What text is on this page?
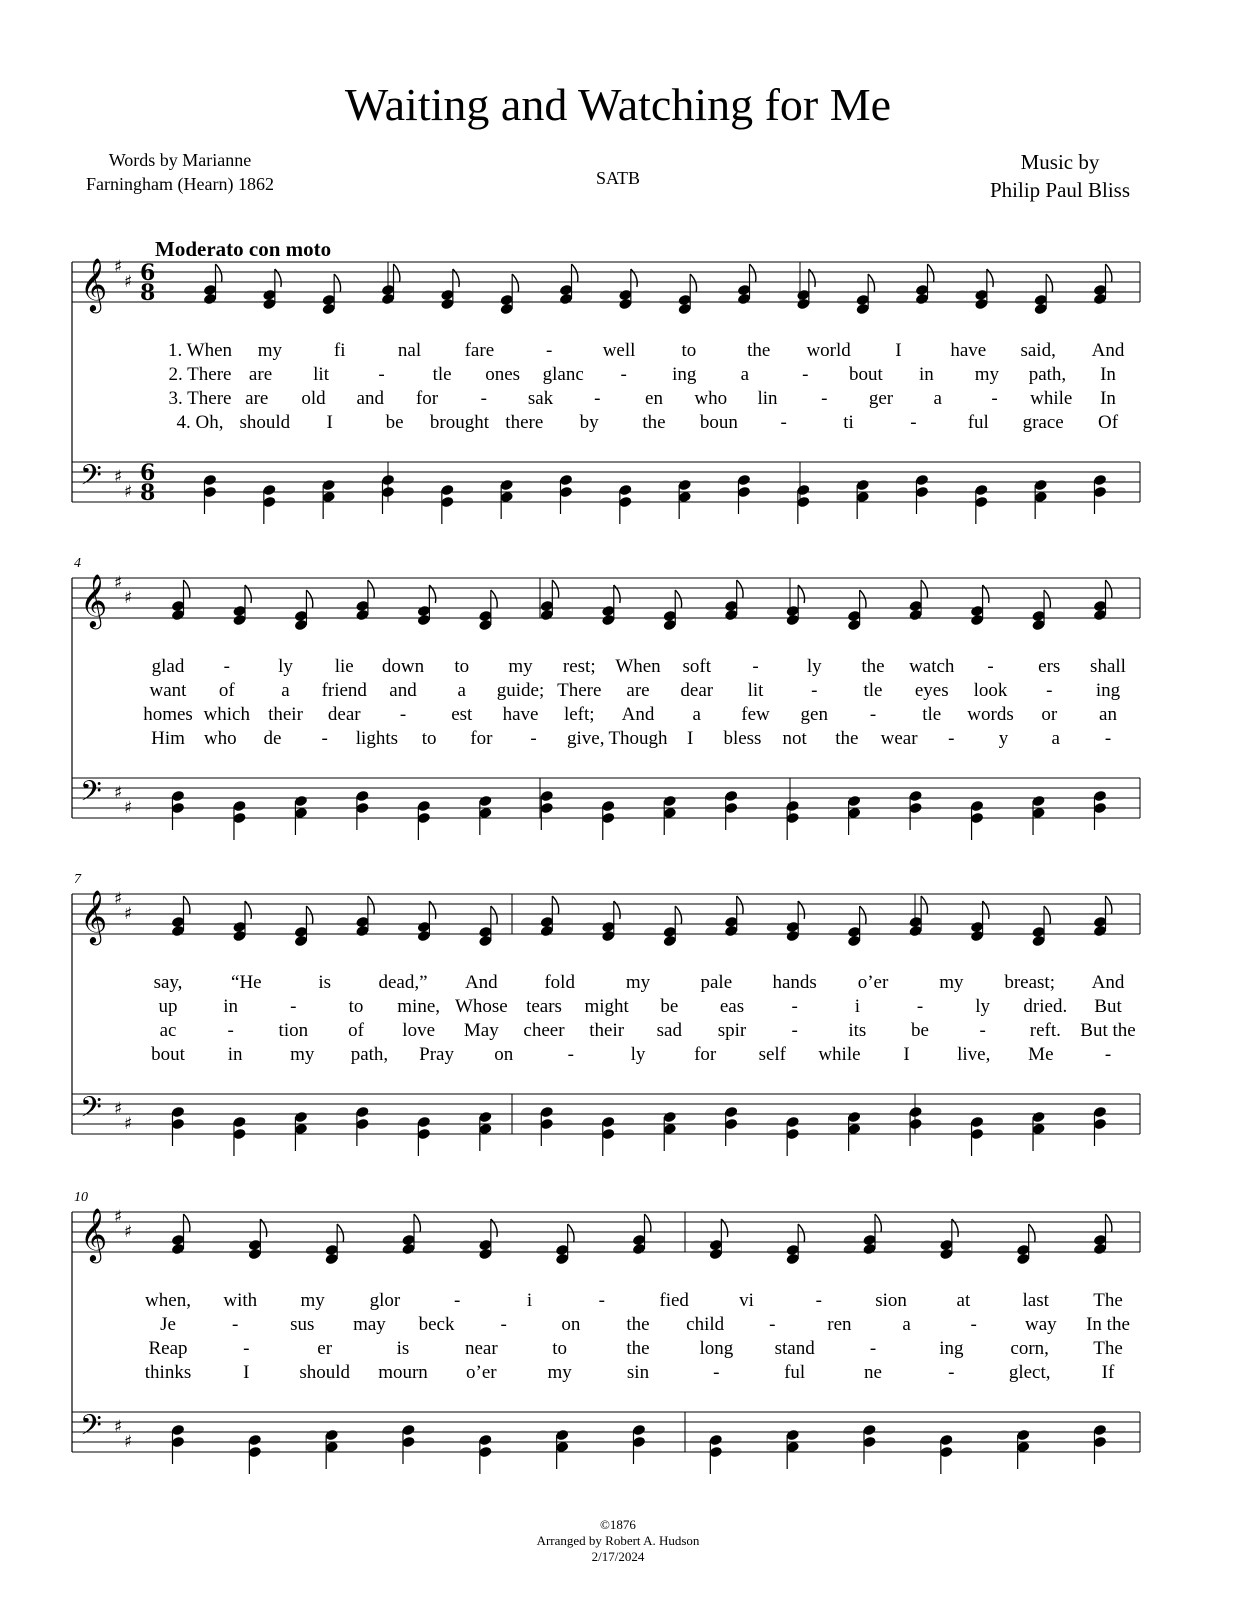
Waiting and Watching for Me
Words by Marianne
Farningham (Hearn) 1862	SATB
Music by
Philip Paul Bliss
Moderato con moto
𝄞
𝄢
♯
♯
♯
♯
6
8
6
8
1. When my	fi	nal fare	-	well to	the world I	have said, And
2. There are lit	-	tle ones glanc - ing a	- bout in my path, In
3. There are old and for - sak - en who lin - ger a	- while In
4. Oh, should I	be brought there by the boun -	ti	-	ful grace Of
𝄞
𝄢
♯
♯
♯
♯
4
glad -	ly lie down to my rest; When soft -	ly the watch - ers shall
want of a friend and a guide; There are dear lit	- tle eyes look - ing
homes which their dear - est have left; And a few gen - tle words or an
Him who de - lights to for - give, Though I bless not the wear - y a -
𝄞
𝄢
♯
♯
♯
♯
7
say,	“He	is dead,” And fold	my	pale hands o’er	my breast; And
up in	-	to mine, Whose tears might be eas -	i	-	ly dried. But
ac	- tion of love May cheer their sad spir -	its be	- reft. But the
bout in	my path, Pray on	-	ly	for self while I live, Me	-
𝄞
𝄢
♯
♯
♯
♯
10
when, with my glor	-	i	-	fied	vi	-	sion	at	last The
Je	-	sus may beck -	on the child -	ren	a	-	way In the
Reap	-	er	is	near	to	the	long stand	-	ing corn, The
thinks	I	should mourn o’er	my	sin	-	ful	ne	-	glect,	If
©1876
Arranged by Robert A. Hudson
2/17/2024
